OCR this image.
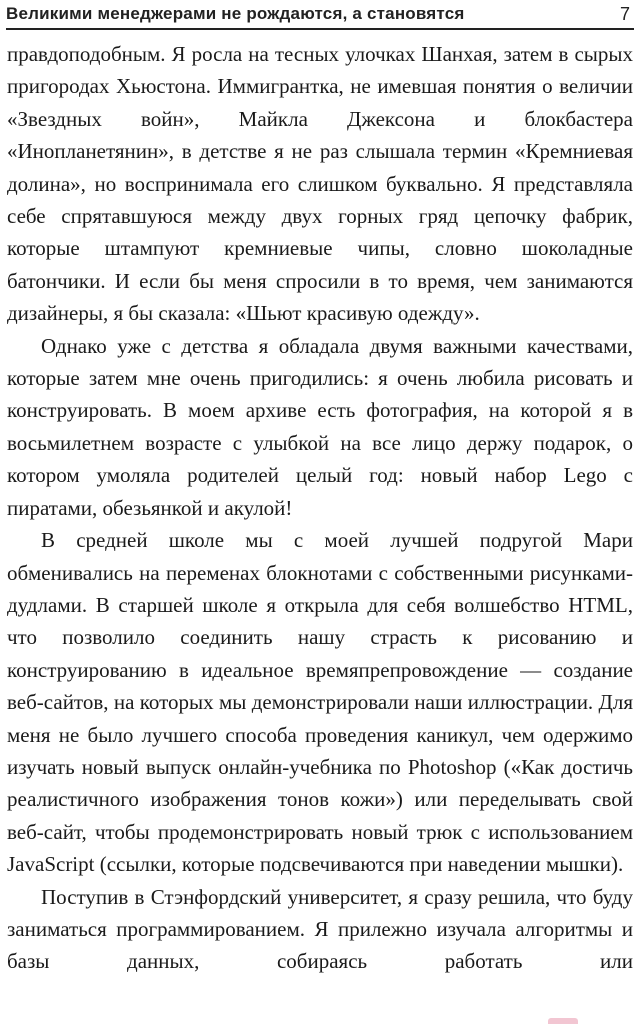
Великими менеджерами не рождаются, а становятся	7

правдоподобным. Я росла на тесных улочках Шанхая, затем в сырых пригородах Хьюстона. Иммигрантка, не имевшая понятия о величии «Звездных войн», Майкла Джексона и блокбастера «Инопланетянин», в детстве я не раз слышала термин «Кремниевая долина», но воспринимала его слишком буквально. Я представляла себе спрятавшуюся между двух горных гряд цепочку фабрик, которые штампуют кремниевые чипы, словно шоколадные батончики. И если бы меня спросили в то время, чем занимаются дизайнеры, я бы сказала: «Шьют красивую одежду».

Однако уже с детства я обладала двумя важными качествами, которые затем мне очень пригодились: я очень любила рисовать и конструировать. В моем архиве есть фотография, на которой я в восьмилетнем возрасте с улыбкой на все лицо держу подарок, о котором умоляла родителей целый год: новый набор Lego с пиратами, обезьянкой и акулой!

В средней школе мы с моей лучшей подругой Мари обменивались на переменах блокнотами с собственными рисунками-дудлами. В старшей школе я открыла для себя волшебство HTML, что позволило соединить нашу страсть к рисованию и конструированию в идеальное времяпрепровождение — создание веб-сайтов, на которых мы демонстрировали наши иллюстрации. Для меня не было лучшего способа проведения каникул, чем одержимо изучать новый выпуск онлайн-учебника по Photoshop («Как достичь реалистичного изображения тонов кожи») или переделывать свой веб-сайт, чтобы продемонстрировать новый трюк с использованием JavaScript (ссылки, которые подсвечиваются при наведении мышки).

Поступив в Стэнфордский университет, я сразу решила, что буду заниматься программированием. Я прилежно изучала алгоритмы и базы данных, собираясь работать или
